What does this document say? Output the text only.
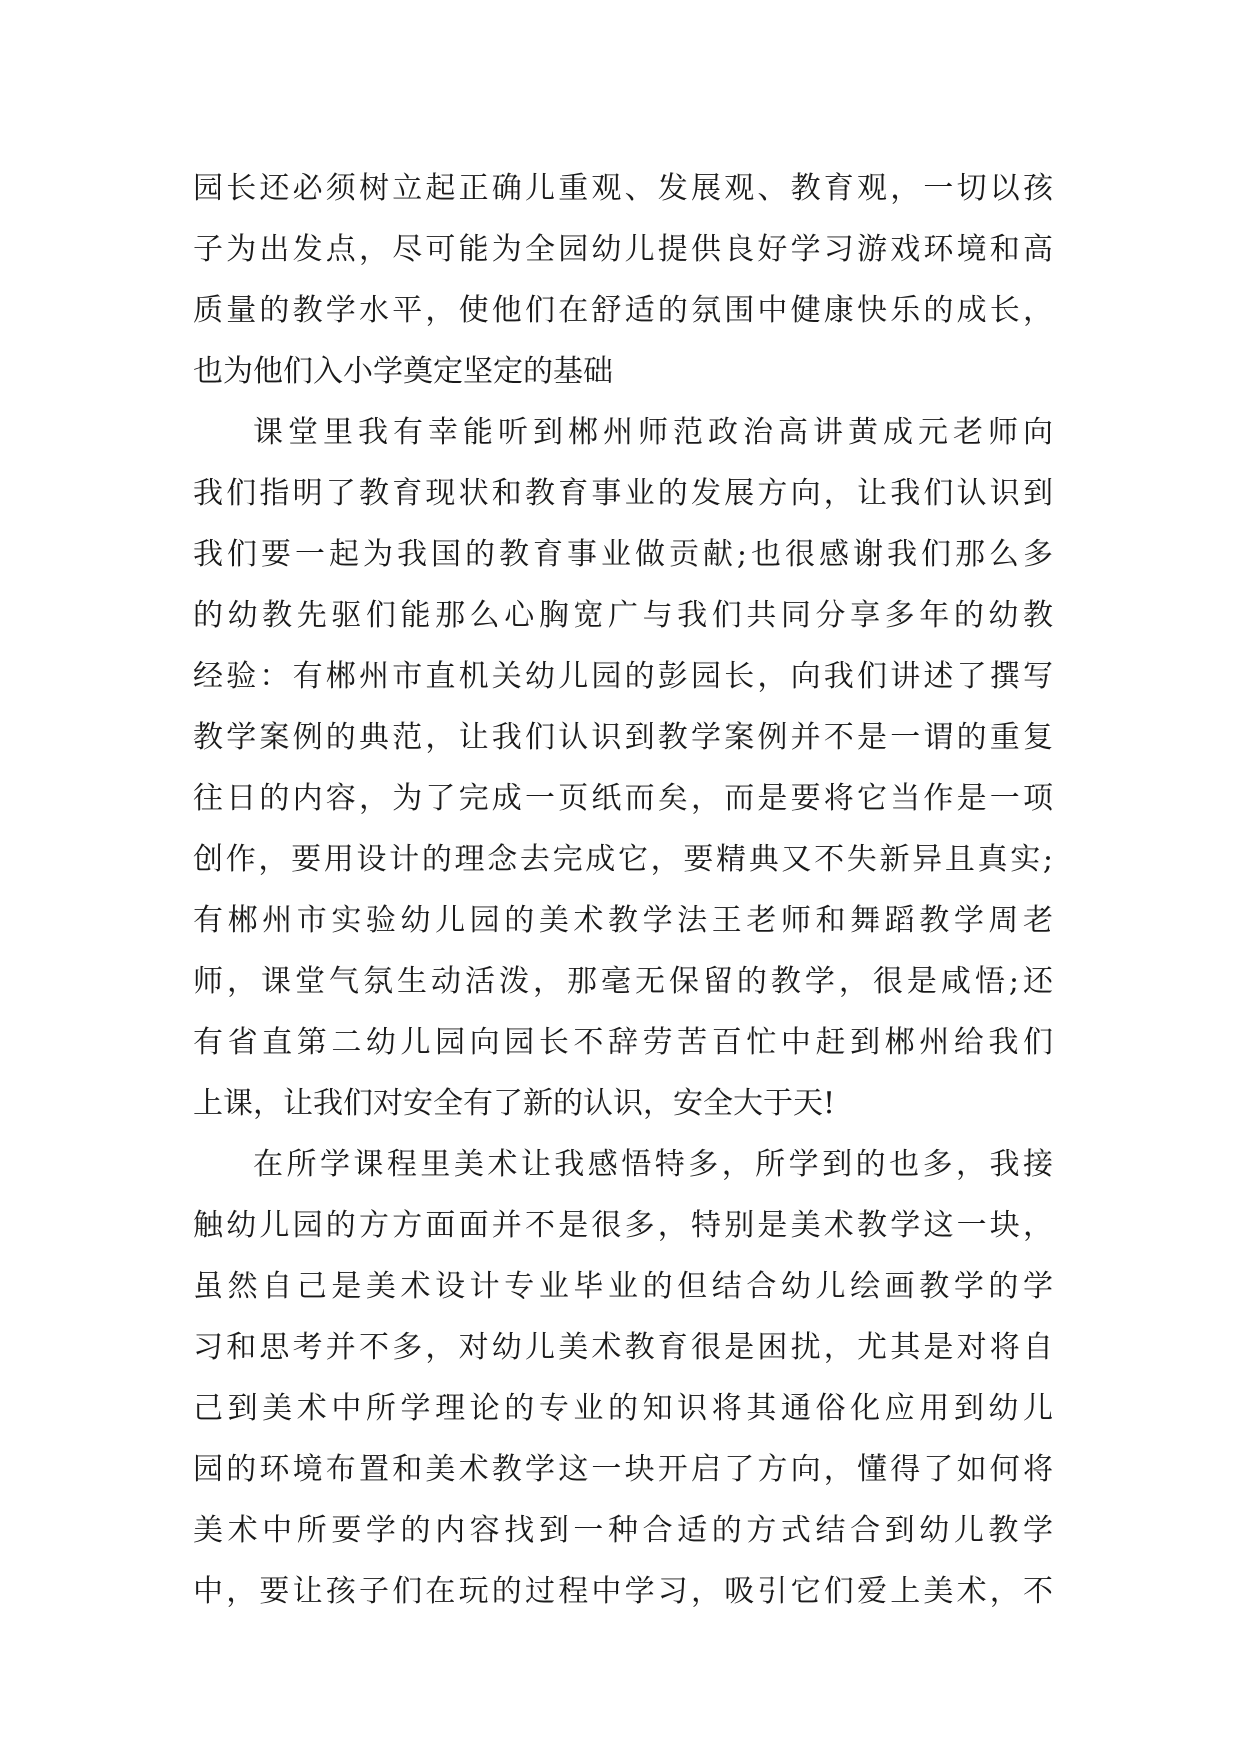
园长还必须树立起正确儿重观、发展观、教育观，一切以孩
子为出发点，尽可能为全园幼儿提供良好学习游戏环境和高
质量的教学水平，使他们在舒适的氛围中健康快乐的成长，
也为他们入小学奠定坚定的基础
课堂里我有幸能听到郴州师范政治高讲黄成元老师向
我们指明了教育现状和教育事业的发展方向，让我们认识到
我们要一起为我国的教育事业做贡献;也很感谢我们那么多
的幼教先驱们能那么心胸宽广与我们共同分享多年的幼教
经验：有郴州市直机关幼儿园的彭园长，向我们讲述了撰写
教学案例的典范，让我们认识到教学案例并不是一谓的重复
往日的内容，为了完成一页纸而矣，而是要将它当作是一项
创作，要用设计的理念去完成它，要精典又不失新异且真实;
有郴州市实验幼儿园的美术教学法王老师和舞蹈教学周老
师，课堂气氛生动活泼，那毫无保留的教学，很是咸悟;还
有省直第二幼儿园向园长不辞劳苦百忙中赶到郴州给我们
上课，让我们对安全有了新的认识，安全大于天!
在所学课程里美术让我感悟特多，所学到的也多，我接
触幼儿园的方方面面并不是很多，特别是美术教学这一块，
虽然自己是美术设计专业毕业的但结合幼儿绘画教学的学
习和思考并不多，对幼儿美术教育很是困扰，尤其是对将自
己到美术中所学理论的专业的知识将其通俗化应用到幼儿
园的环境布置和美术教学这一块开启了方向，懂得了如何将
美术中所要学的内容找到一种合适的方式结合到幼儿教学
中，要让孩子们在玩的过程中学习，吸引它们爱上美术，不
